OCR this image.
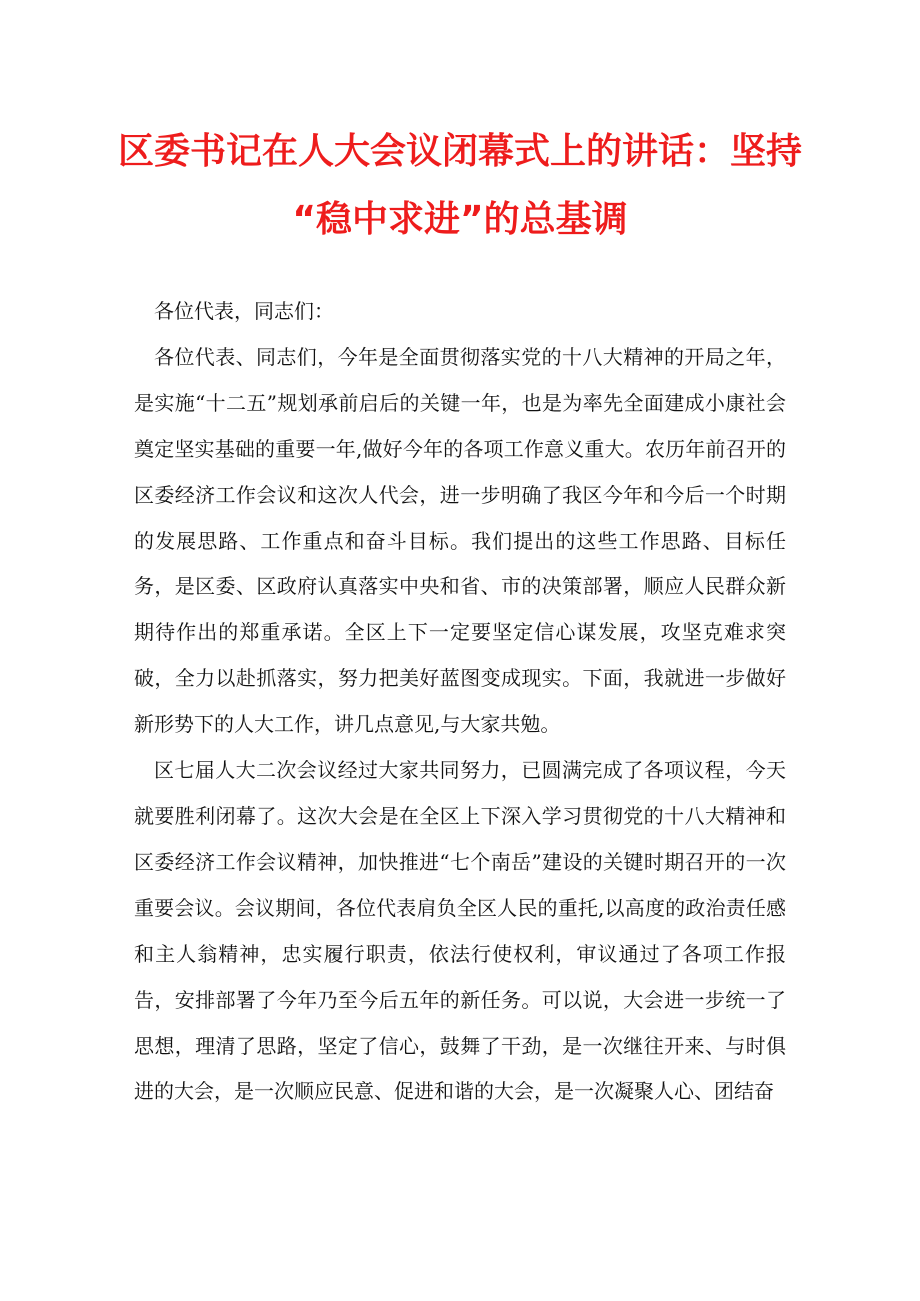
区委书记在人大会议闭幕式上的讲话：坚持
“稳中求进”的总基调

各位代表，同志们：

各位代表、同志们，今年是全面贯彻落实党的十八大精神的开局之年，是实施“十二五”规划承前启后的关键一年，也是为率先全面建成小康社会奠定坚实基础的重要一年,做好今年的各项工作意义重大。农历年前召开的区委经济工作会议和这次人代会，进一步明确了我区今年和今后一个时期的发展思路、工作重点和奋斗目标。我们提出的这些工作思路、目标任务，是区委、区政府认真落实中央和省、市的决策部署，顺应人民群众新期待作出的郑重承诺。全区上下一定要坚定信心谋发展，攻坚克难求突破，全力以赴抓落实，努力把美好蓝图变成现实。下面，我就进一步做好新形势下的人大工作，讲几点意见,与大家共勉。

区七届人大二次会议经过大家共同努力，已圆满完成了各项议程，今天就要胜利闭幕了。这次大会是在全区上下深入学习贯彻党的十八大精神和区委经济工作会议精神，加快推进“七个南岳”建设的关键时期召开的一次重要会议。会议期间，各位代表肩负全区人民的重托,以高度的政治责任感和主人翁精神，忠实履行职责，依法行使权利，审议通过了各项工作报告，安排部署了今年乃至今后五年的新任务。可以说，大会进一步统一了思想，理清了思路，坚定了信心，鼓舞了干劲，是一次继往开来、与时俱进的大会，是一次顺应民意、促进和谐的大会，是一次凝聚人心、团结奋
